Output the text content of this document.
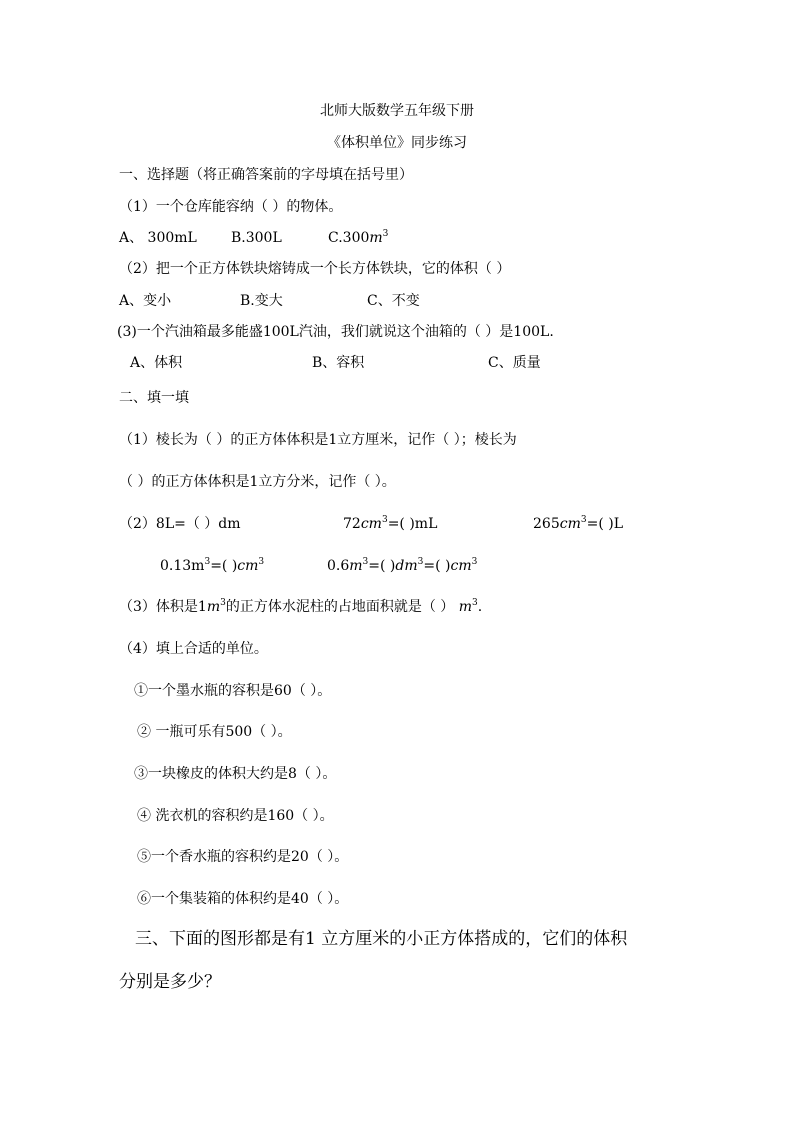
北师大版数学五年级下册
《体积单位》同步练习
一、选择题（将正确答案前的字母填在括号里）
（1）一个仓库能容纳（ ）的物体。
A、 300mL B.300L	$C.300m^3$
（2）把一个正方体铁块熔铸成一个长方体铁块，它的体积（ ）
A、变小	B.变大	C、不变
(3)一个汽油箱最多能盛100L汽油，我们就说这个油箱的（ ）是100L.
A、体积	B、容积	C、质量
二、填一填
（1）棱长为（ ）的正方体体积是1立方厘米，记作（ ）；棱长为
（ ）的正方体体积是1立方分米，记作（ ）。
（2）8L=（ ）dm	$72cm^3=$( )mL	$265cm^3=$( )L
$0.13m^3=$( )$cm^3$	$0.6m^3=$( )$dm^3=$( )$cm^3$
（3）体积是$1m^3$的正方体水泥柱的占地面积就是（ ） $m^3$.
（4）填上合适的单位。
①一个墨水瓶的容积是60（ ）。
② 一瓶可乐有500（ ）。
③一块橡皮的体积大约是8（ ）。
④ 洗衣机的容积约是160（ ）。
⑤一个香水瓶的容积约是20（ ）。
⑥一个集装箱的体积约是40（ ）。
三、下面的图形都是有1 立方厘米的小正方体搭成的，它们的体积
分别是多少？
